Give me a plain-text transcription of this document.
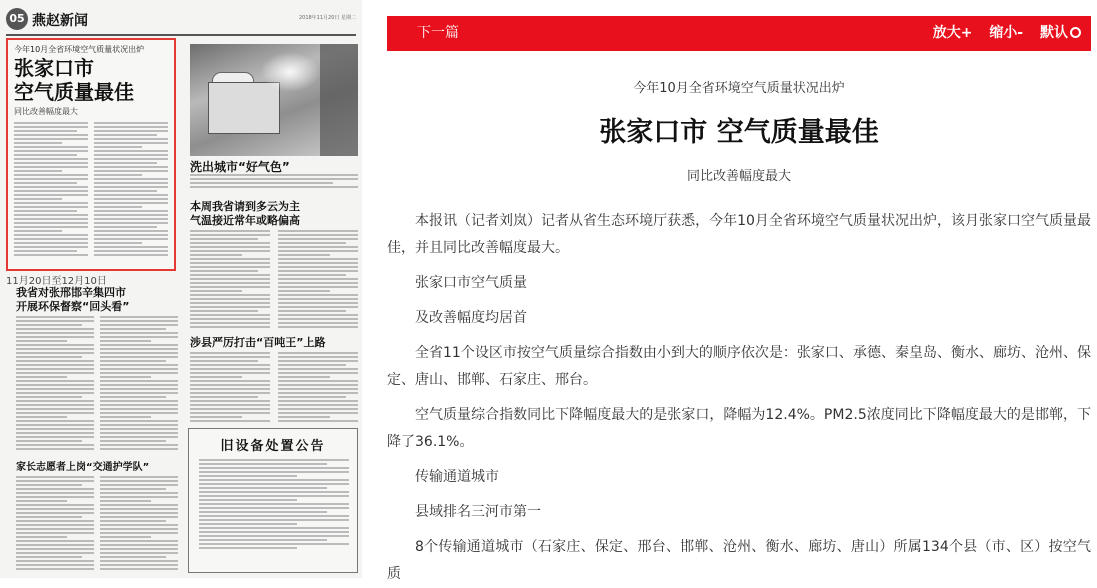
05 燕赵新闻	2018年11月20日 星期二
今年10月全省环境空气质量状况出炉
张家口市
空气质量最佳
同比改善幅度最大
洗出城市“好气色”
本周我省请到多云为主
气温接近常年或略偏高
涉县严厉打击“百吨王”上路
11月20日至12月10日
我省对张邢邯辛集四市
开展环保督察“回头看”
家长志愿者上岗“交通护学队”
旧设备处置公告
下一篇	放大+ 缩小- 默认
今年10月全省环境空气质量状况出炉
张家口市 空气质量最佳
同比改善幅度最大

本报讯（记者刘岚）记者从省生态环境厅获悉，今年10月全省环境空气质量状况出炉，该月张家口空气质量最佳，并且同比改善幅度最大。

张家口市空气质量

及改善幅度均居首

全省11个设区市按空气质量综合指数由小到大的顺序依次是：张家口、承德、秦皇岛、衡水、廊坊、沧州、保定、唐山、邯郸、石家庄、邢台。

空气质量综合指数同比下降幅度最大的是张家口，降幅为12.4%。PM2.5浓度同比下降幅度最大的是邯郸，下降了36.1%。

传输通道城市

县域排名三河市第一

8个传输通道城市（石家庄、保定、邢台、邯郸、沧州、衡水、廊坊、唐山）所属134个县（市、区）按空气质
